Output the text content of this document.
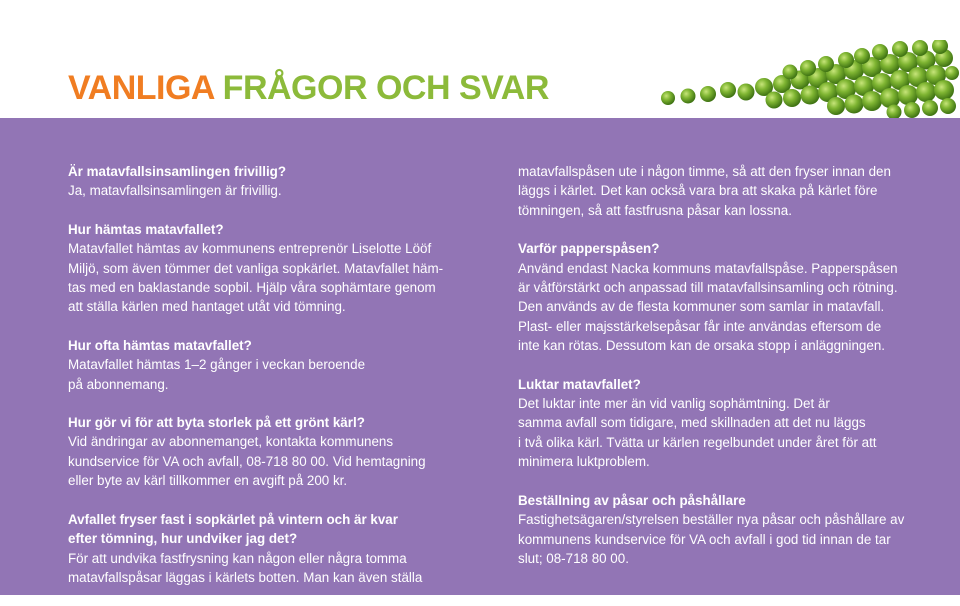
VANLIGA FRÅGOR OCH SVAR

Är matavfallsinsamlingen frivillig?

Ja, matavfallsinsamlingen är frivillig.

Hur hämtas matavfallet?

Matavfallet hämtas av kommunens entreprenör Liselotte Lööf
Miljö, som även tömmer det vanliga sopkärlet. Matavfallet häm-
tas med en baklastande sopbil. Hjälp våra sophämtare genom
att ställa kärlen med hantaget utåt vid tömning.

Hur ofta hämtas matavfallet?

Matavfallet hämtas 1–2 gånger i veckan beroende
på abonnemang.

Hur gör vi för att byta storlek på ett grönt kärl?

Vid ändringar av abonnemanget, kontakta kommunens
kundservice för VA och avfall, 08-718 80 00. Vid hemtagning
eller byte av kärl tillkommer en avgift på 200 kr.

Avfallet fryser fast i sopkärlet på vintern och är kvar
efter tömning, hur undviker jag det?

För att undvika fastfrysning kan någon eller några tomma
matavfallspåsar läggas i kärlets botten. Man kan även ställa

matavfallspåsen ute i någon timme, så att den fryser innan den
läggs i kärlet. Det kan också vara bra att skaka på kärlet före
tömningen, så att fastfrusna påsar kan lossna.

Varför papperspåsen?

Använd endast Nacka kommuns matavfallspåse. Papperspåsen
är våtförstärkt och anpassad till matavfallsinsamling och rötning.
Den används av de flesta kommuner som samlar in matavfall.
Plast- eller majsstärkelsepåsar får inte användas eftersom de
inte kan rötas. Dessutom kan de orsaka stopp i anläggningen.

Luktar matavfallet?

Det luktar inte mer än vid vanlig sophämtning. Det är
samma avfall som tidigare, med skillnaden att det nu läggs
i två olika kärl. Tvätta ur kärlen regelbundet under året för att
minimera luktproblem.

Beställning av påsar och påshållare

Fastighetsägaren/styrelsen beställer nya påsar och påshållare av
kommunens kundservice för VA och avfall i god tid innan de tar
slut; 08-718 80 00.
